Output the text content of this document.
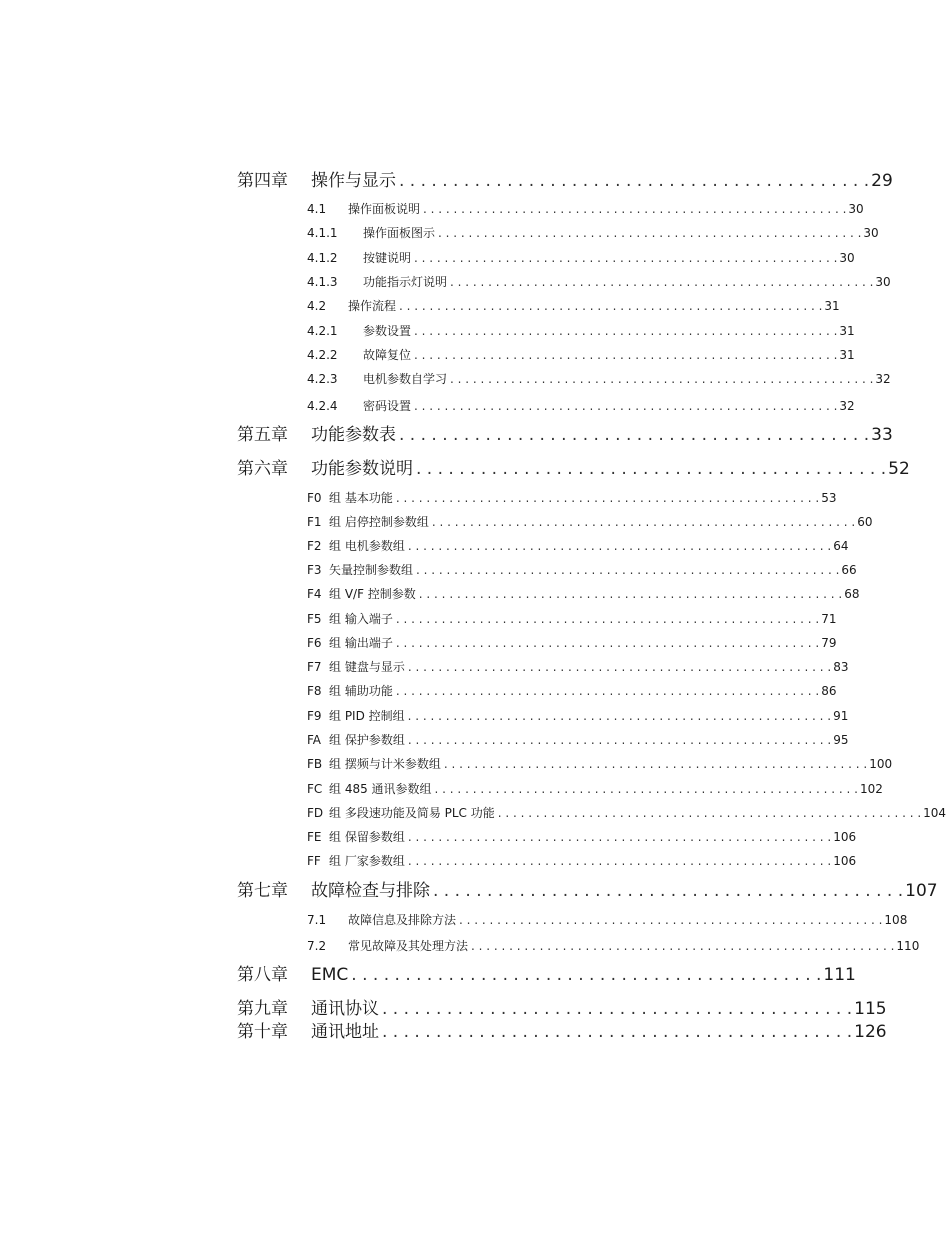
第四章	操作与显示 . . . . . . . . . . . . . . . . . . . . . . . . . . . . . . . . . . . . . . . . . . . . 29
4.1	操作面板说明 . . . . . . . . . . . . . . . . . . . . . . . . . . . . . . . . . . . . . . . . . . . . . . . . . . . . . . . . 30
4.1.1	操作面板图示 . . . . . . . . . . . . . . . . . . . . . . . . . . . . . . . . . . . . . . . . . . . . . . . . . . . . . . . . 30
4.1.2	按键说明 . . . . . . . . . . . . . . . . . . . . . . . . . . . . . . . . . . . . . . . . . . . . . . . . . . . . . . . . 30
4.1.3	功能指示灯说明 . . . . . . . . . . . . . . . . . . . . . . . . . . . . . . . . . . . . . . . . . . . . . . . . . . . . . . . . 30
4.2	操作流程 . . . . . . . . . . . . . . . . . . . . . . . . . . . . . . . . . . . . . . . . . . . . . . . . . . . . . . . . 31
4.2.1	参数设置 . . . . . . . . . . . . . . . . . . . . . . . . . . . . . . . . . . . . . . . . . . . . . . . . . . . . . . . . 31
4.2.2	故障复位 . . . . . . . . . . . . . . . . . . . . . . . . . . . . . . . . . . . . . . . . . . . . . . . . . . . . . . . . 31
4.2.3	电机参数自学习 . . . . . . . . . . . . . . . . . . . . . . . . . . . . . . . . . . . . . . . . . . . . . . . . . . . . . . . . 32
4.2.4	密码设置 . . . . . . . . . . . . . . . . . . . . . . . . . . . . . . . . . . . . . . . . . . . . . . . . . . . . . . . . 32
第五章	功能参数表 . . . . . . . . . . . . . . . . . . . . . . . . . . . . . . . . . . . . . . . . . . . . 33
第六章	功能参数说明 . . . . . . . . . . . . . . . . . . . . . . . . . . . . . . . . . . . . . . . . . . . . 52
F0 组 基本功能 . . . . . . . . . . . . . . . . . . . . . . . . . . . . . . . . . . . . . . . . . . . . . . . . . . . . . . . . 53
F1 组 启停控制参数组 . . . . . . . . . . . . . . . . . . . . . . . . . . . . . . . . . . . . . . . . . . . . . . . . . . . . . . . . 60
F2 组 电机参数组 . . . . . . . . . . . . . . . . . . . . . . . . . . . . . . . . . . . . . . . . . . . . . . . . . . . . . . . . 64
F3 矢量控制参数组 . . . . . . . . . . . . . . . . . . . . . . . . . . . . . . . . . . . . . . . . . . . . . . . . . . . . . . . . 66
F4 组 V/F 控制参数 . . . . . . . . . . . . . . . . . . . . . . . . . . . . . . . . . . . . . . . . . . . . . . . . . . . . . . . . 68
F5 组 输入端子 . . . . . . . . . . . . . . . . . . . . . . . . . . . . . . . . . . . . . . . . . . . . . . . . . . . . . . . . 71
F6 组 输出端子 . . . . . . . . . . . . . . . . . . . . . . . . . . . . . . . . . . . . . . . . . . . . . . . . . . . . . . . . 79
F7 组 键盘与显示 . . . . . . . . . . . . . . . . . . . . . . . . . . . . . . . . . . . . . . . . . . . . . . . . . . . . . . . . 83
F8 组 辅助功能 . . . . . . . . . . . . . . . . . . . . . . . . . . . . . . . . . . . . . . . . . . . . . . . . . . . . . . . . 86
F9 组 PID 控制组 . . . . . . . . . . . . . . . . . . . . . . . . . . . . . . . . . . . . . . . . . . . . . . . . . . . . . . . . 91
FA 组 保护参数组 . . . . . . . . . . . . . . . . . . . . . . . . . . . . . . . . . . . . . . . . . . . . . . . . . . . . . . . . 95
FB 组 摆频与计米参数组 . . . . . . . . . . . . . . . . . . . . . . . . . . . . . . . . . . . . . . . . . . . . . . . . . . . . . . . . 100
FC 组 485 通讯参数组 . . . . . . . . . . . . . . . . . . . . . . . . . . . . . . . . . . . . . . . . . . . . . . . . . . . . . . . . 102
FD 组 多段速功能及简易 PLC 功能 . . . . . . . . . . . . . . . . . . . . . . . . . . . . . . . . . . . . . . . . . . . . . . . . . . . . . . . . 104
FE 组 保留参数组 . . . . . . . . . . . . . . . . . . . . . . . . . . . . . . . . . . . . . . . . . . . . . . . . . . . . . . . . 106
FF 组 厂家参数组 . . . . . . . . . . . . . . . . . . . . . . . . . . . . . . . . . . . . . . . . . . . . . . . . . . . . . . . . 106
第七章	故障检查与排除 . . . . . . . . . . . . . . . . . . . . . . . . . . . . . . . . . . . . . . . . . . . . 107
7.1	故障信息及排除方法 . . . . . . . . . . . . . . . . . . . . . . . . . . . . . . . . . . . . . . . . . . . . . . . . . . . . . . . . 108
7.2	常见故障及其处理方法 . . . . . . . . . . . . . . . . . . . . . . . . . . . . . . . . . . . . . . . . . . . . . . . . . . . . . . . . 110
第八章	EMC . . . . . . . . . . . . . . . . . . . . . . . . . . . . . . . . . . . . . . . . . . . . 111
第九章	通讯协议 . . . . . . . . . . . . . . . . . . . . . . . . . . . . . . . . . . . . . . . . . . . . 115
第十章	通讯地址 . . . . . . . . . . . . . . . . . . . . . . . . . . . . . . . . . . . . . . . . . . . . 126
